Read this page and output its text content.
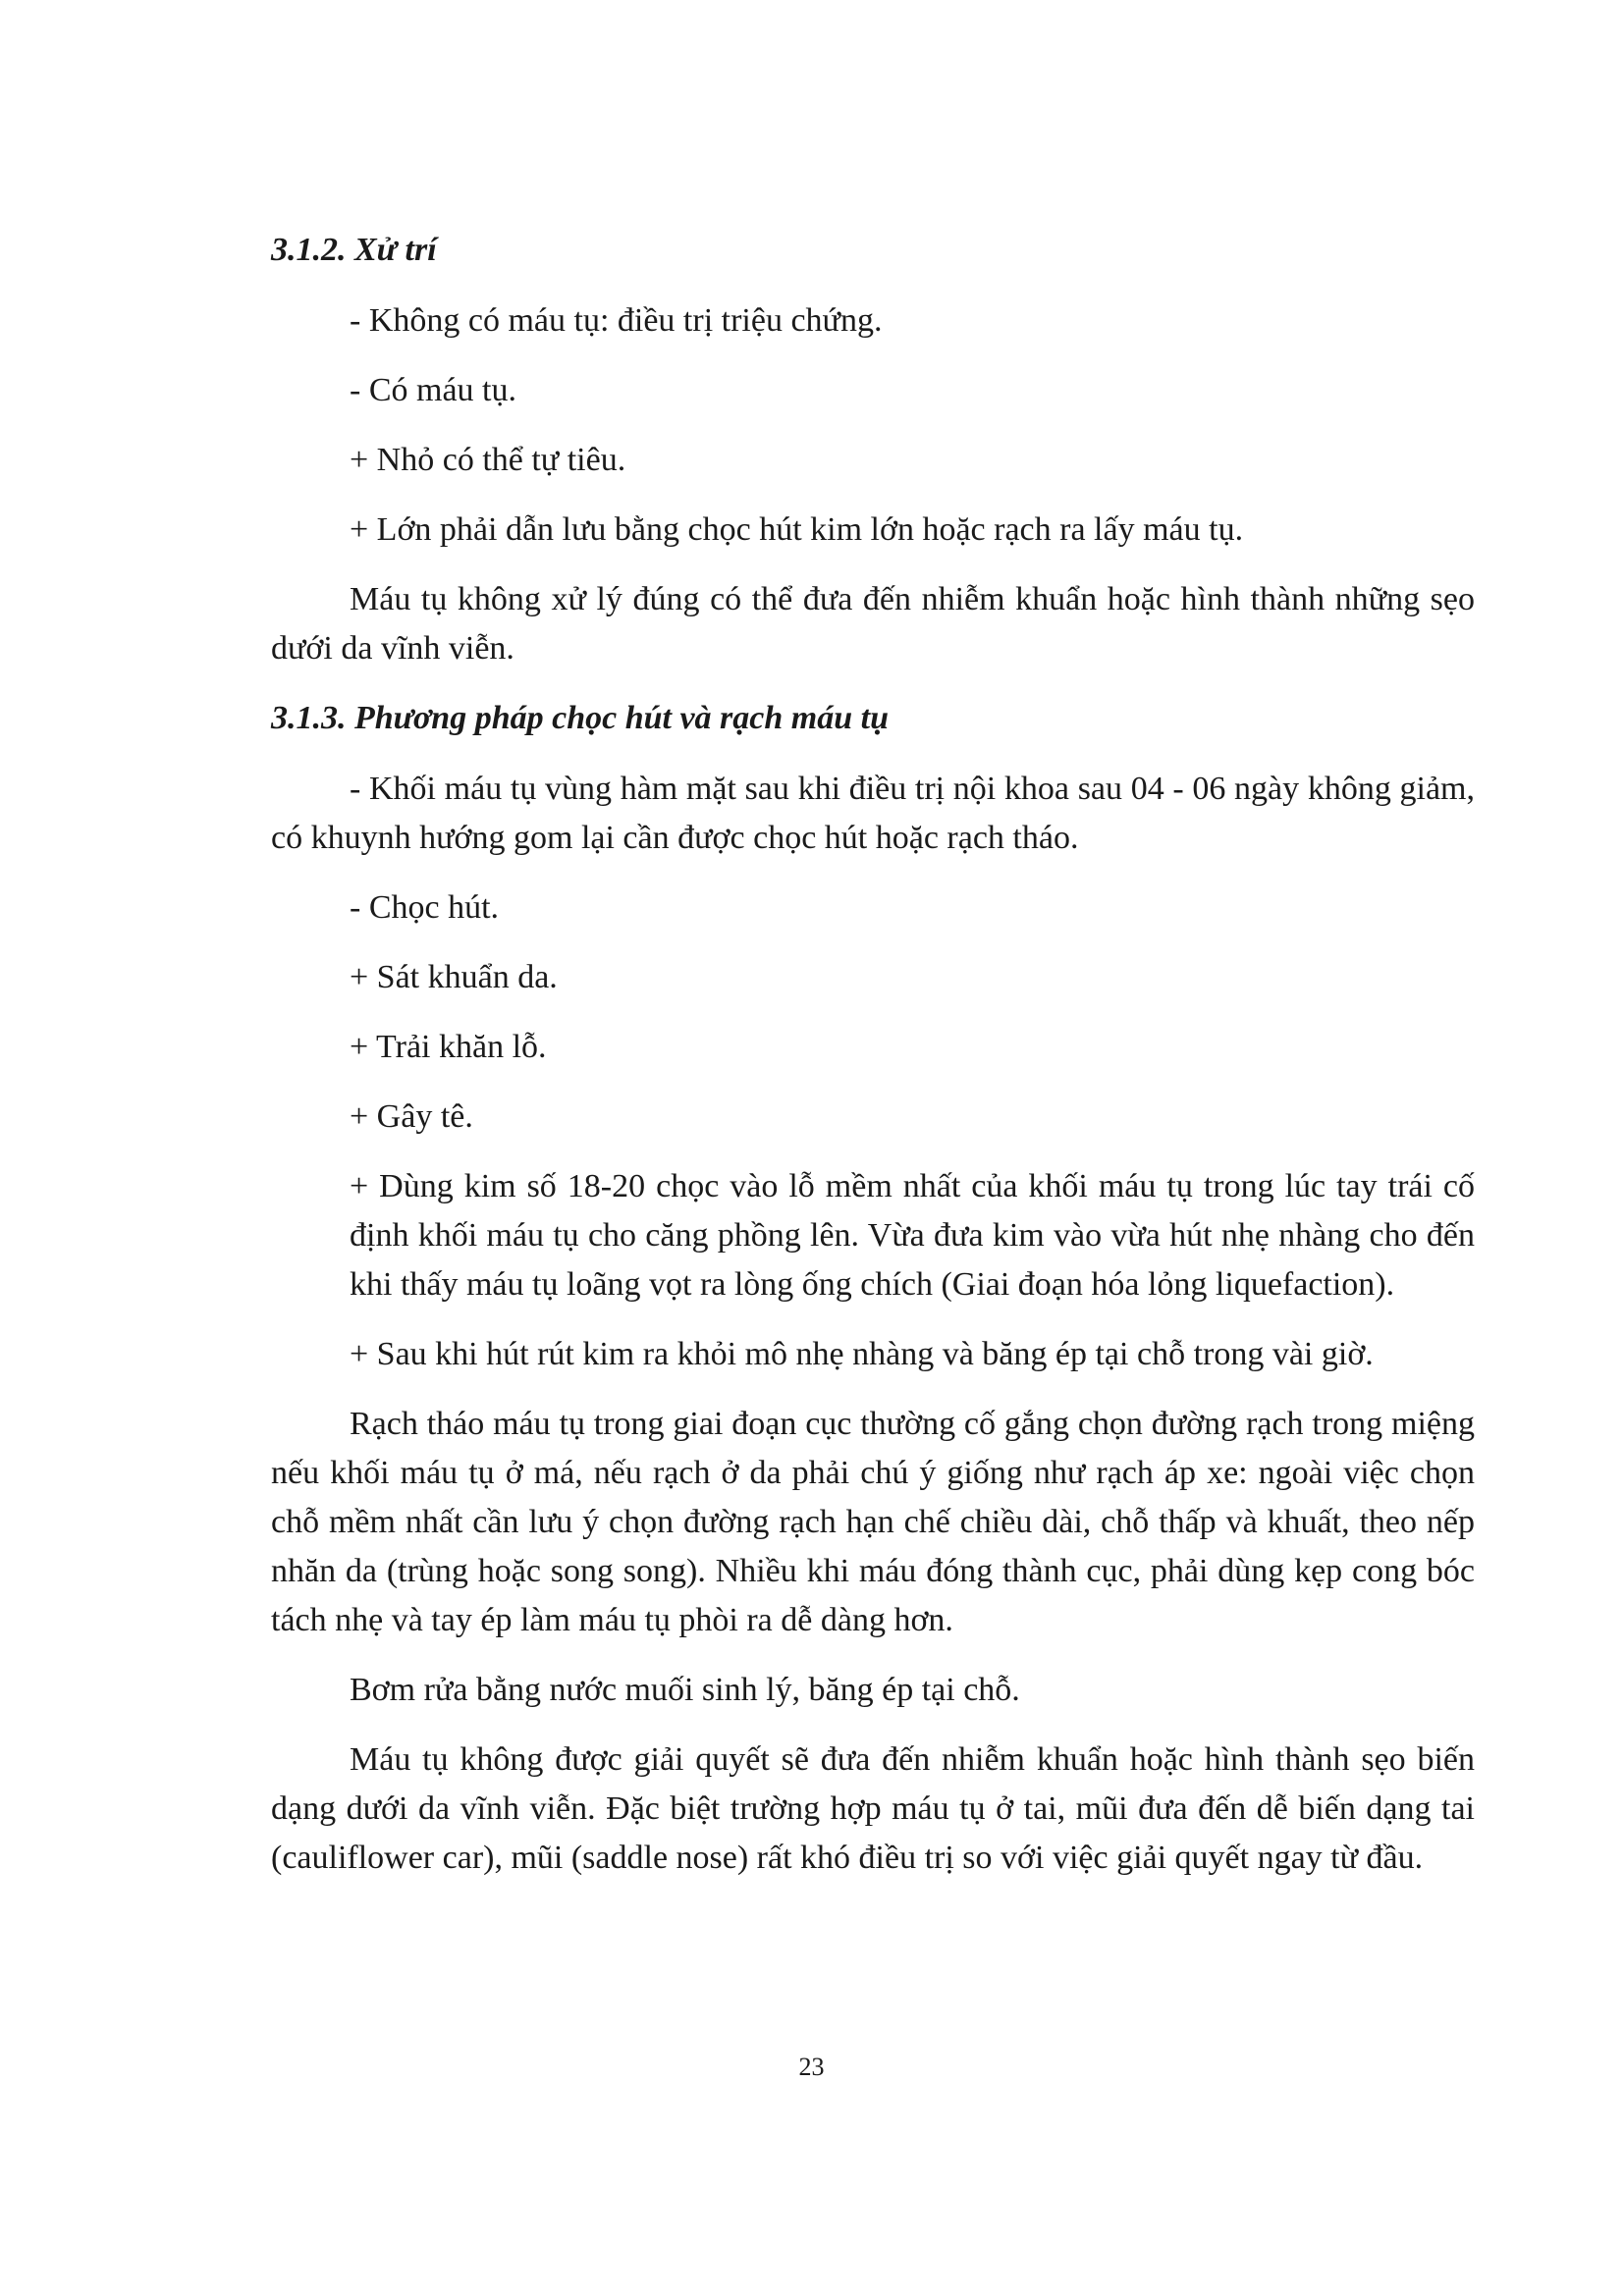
3.1.2. Xử trí

- Không có máu tụ: điều trị triệu chứng.

- Có máu tụ.

+ Nhỏ có thể tự tiêu.

+ Lớn phải dẫn lưu bằng chọc hút kim lớn hoặc rạch ra lấy máu tụ.

Máu tụ không xử lý đúng có thể đưa đến nhiễm khuẩn hoặc hình thành những sẹo dưới da vĩnh viễn.

3.1.3. Phương pháp chọc hút và rạch máu tụ

- Khối máu tụ vùng hàm mặt sau khi điều trị nội khoa sau 04 - 06 ngày không giảm, có khuynh hướng gom lại cần được chọc hút hoặc rạch tháo.

- Chọc hút.

+ Sát khuẩn da.

+ Trải khăn lỗ.

+ Gây tê.

+ Dùng kim số 18-20 chọc vào lỗ mềm nhất của khối máu tụ trong lúc tay trái cố định khối máu tụ cho căng phồng lên. Vừa đưa kim vào vừa hút nhẹ nhàng cho đến khi thấy máu tụ loãng vọt ra lòng ống chích (Giai đoạn hóa lỏng liquefaction).

+ Sau khi hút rút kim ra khỏi mô nhẹ nhàng và băng ép tại chỗ trong vài giờ.

Rạch tháo máu tụ trong giai đoạn cục thường cố gắng chọn đường rạch trong miệng nếu khối máu tụ ở má, nếu rạch ở da phải chú ý giống như rạch áp xe: ngoài việc chọn chỗ mềm nhất cần lưu ý chọn đường rạch hạn chế chiều dài, chỗ thấp và khuất, theo nếp nhăn da (trùng hoặc song song). Nhiều khi máu đóng thành cục, phải dùng kẹp cong bóc tách nhẹ và tay ép làm máu tụ phòi ra dễ dàng hơn.

Bơm rửa bằng nước muối sinh lý, băng ép tại chỗ.

Máu tụ không được giải quyết sẽ đưa đến nhiễm khuẩn hoặc hình thành sẹo biến dạng dưới da vĩnh viễn. Đặc biệt trường hợp máu tụ ở tai, mũi đưa đến dễ biến dạng tai (cauliflower car), mũi (saddle nose) rất khó điều trị so với việc giải quyết ngay từ đầu.

23
